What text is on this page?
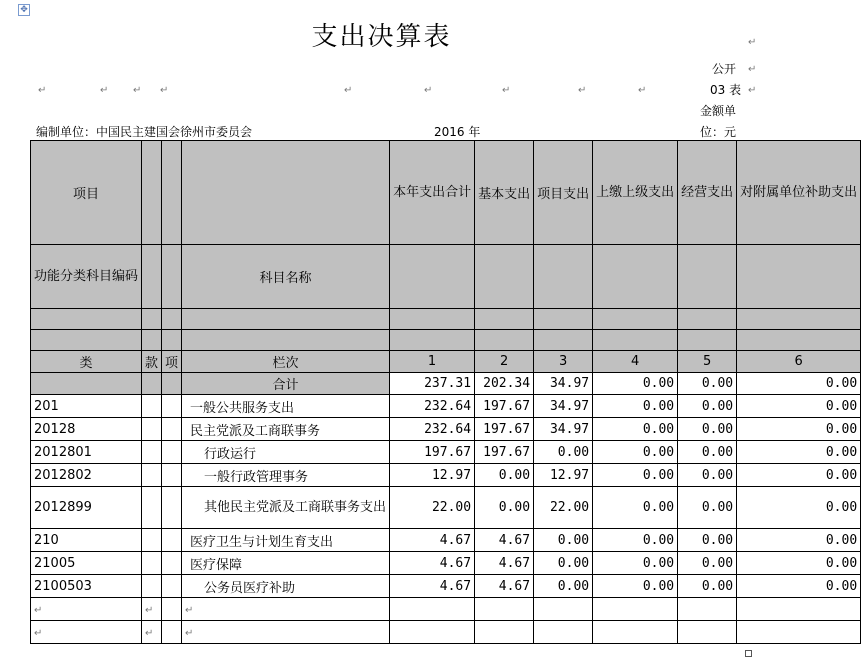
✥
支出决算表
公开
03 表
金额单
位：元
编制单位：中国民主建国会徐州市委员会	2016 年
↵	↵ ↵ ↵	↵	↵	↵	↵	↵
↵
↵
↵
项目				本年支出合计	基本支出	项目支出	上缴上级支出	经营支出	对附属单位补助支出
功能分类科目编码			科目名称						

类	款	项	栏次	1	2	3	4	5	6
			合计	237.31	202.34	34.97	0.00	0.00	0.00
201			一般公共服务支出	232.64	197.67	34.97	0.00	0.00	0.00
20128			民主党派及工商联事务	232.64	197.67	34.97	0.00	0.00	0.00
2012801			行政运行	197.67	197.67	0.00	0.00	0.00	0.00
2012802			一般行政管理事务	12.97	0.00	12.97	0.00	0.00	0.00
2012899			其他民主党派及工商联事务支出	22.00	0.00	22.00	0.00	0.00	0.00
210			医疗卫生与计划生育支出	4.67	4.67	0.00	0.00	0.00	0.00
21005			医疗保障	4.67	4.67	0.00	0.00	0.00	0.00
2100503			公务员医疗补助	4.67	4.67	0.00	0.00	0.00	0.00
↵	↵		↵						
↵	↵		↵						
